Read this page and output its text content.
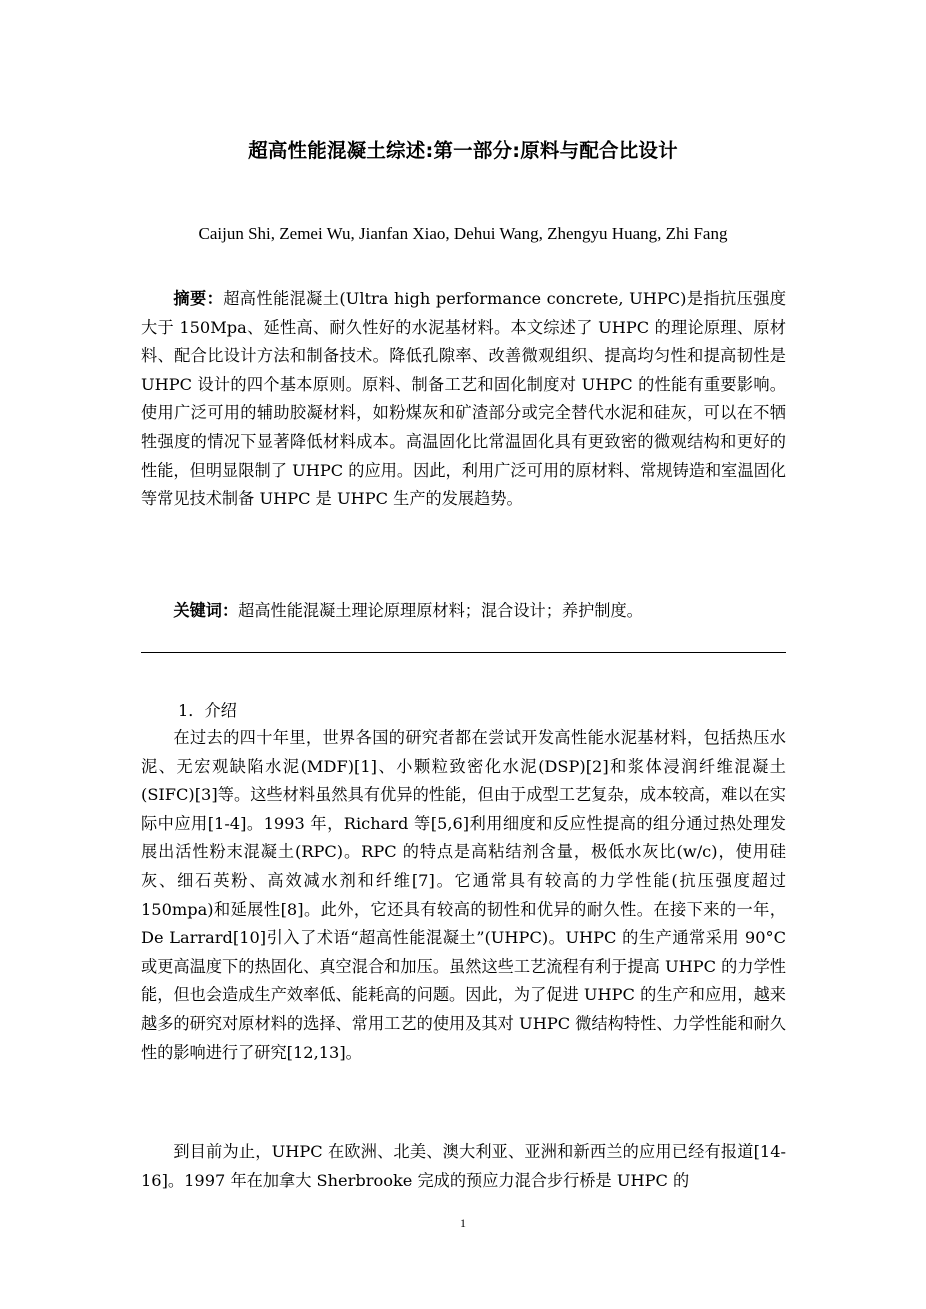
超高性能混凝土综述:第一部分:原料与配合比设计
Caijun Shi, Zemei Wu, Jianfan Xiao, Dehui Wang, Zhengyu Huang, Zhi Fang
摘要：超高性能混凝土(Ultra high performance concrete, UHPC)是指抗压强度大于 150Mpa、延性高、耐久性好的水泥基材料。本文综述了 UHPC 的理论原理、原材料、配合比设计方法和制备技术。降低孔隙率、改善微观组织、提高均匀性和提高韧性是 UHPC 设计的四个基本原则。原料、制备工艺和固化制度对 UHPC 的性能有重要影响。使用广泛可用的辅助胶凝材料，如粉煤灰和矿渣部分或完全替代水泥和硅灰，可以在不牺牲强度的情况下显著降低材料成本。高温固化比常温固化具有更致密的微观结构和更好的性能，但明显限制了 UHPC 的应用。因此，利用广泛可用的原材料、常规铸造和室温固化等常见技术制备 UHPC 是 UHPC 生产的发展趋势。
关键词：超高性能混凝土理论原理原材料；混合设计；养护制度。
1．介绍
在过去的四十年里，世界各国的研究者都在尝试开发高性能水泥基材料，包括热压水泥、无宏观缺陷水泥(MDF)[1]、小颗粒致密化水泥(DSP)[2]和浆体浸润纤维混凝土(SIFC)[3]等。这些材料虽然具有优异的性能，但由于成型工艺复杂，成本较高，难以在实际中应用[1-4]。1993 年，Richard 等[5,6]利用细度和反应性提高的组分通过热处理发展出活性粉末混凝土(RPC)。RPC 的特点是高粘结剂含量，极低水灰比(w/c)，使用硅灰、细石英粉、高效减水剂和纤维[7]。它通常具有较高的力学性能(抗压强度超过 150mpa)和延展性[8]。此外，它还具有较高的韧性和优异的耐久性。在接下来的一年，De Larrard[10]引入了术语“超高性能混凝土”(UHPC)。UHPC 的生产通常采用 90°C 或更高温度下的热固化、真空混合和加压。虽然这些工艺流程有利于提高 UHPC 的力学性能，但也会造成生产效率低、能耗高的问题。因此，为了促进 UHPC 的生产和应用，越来越多的研究对原材料的选择、常用工艺的使用及其对 UHPC 微结构特性、力学性能和耐久性的影响进行了研究[12,13]。
到目前为止，UHPC 在欧洲、北美、澳大利亚、亚洲和新西兰的应用已经有报道[14-16]。1997 年在加拿大 Sherbrooke 完成的预应力混合步行桥是 UHPC 的
1
